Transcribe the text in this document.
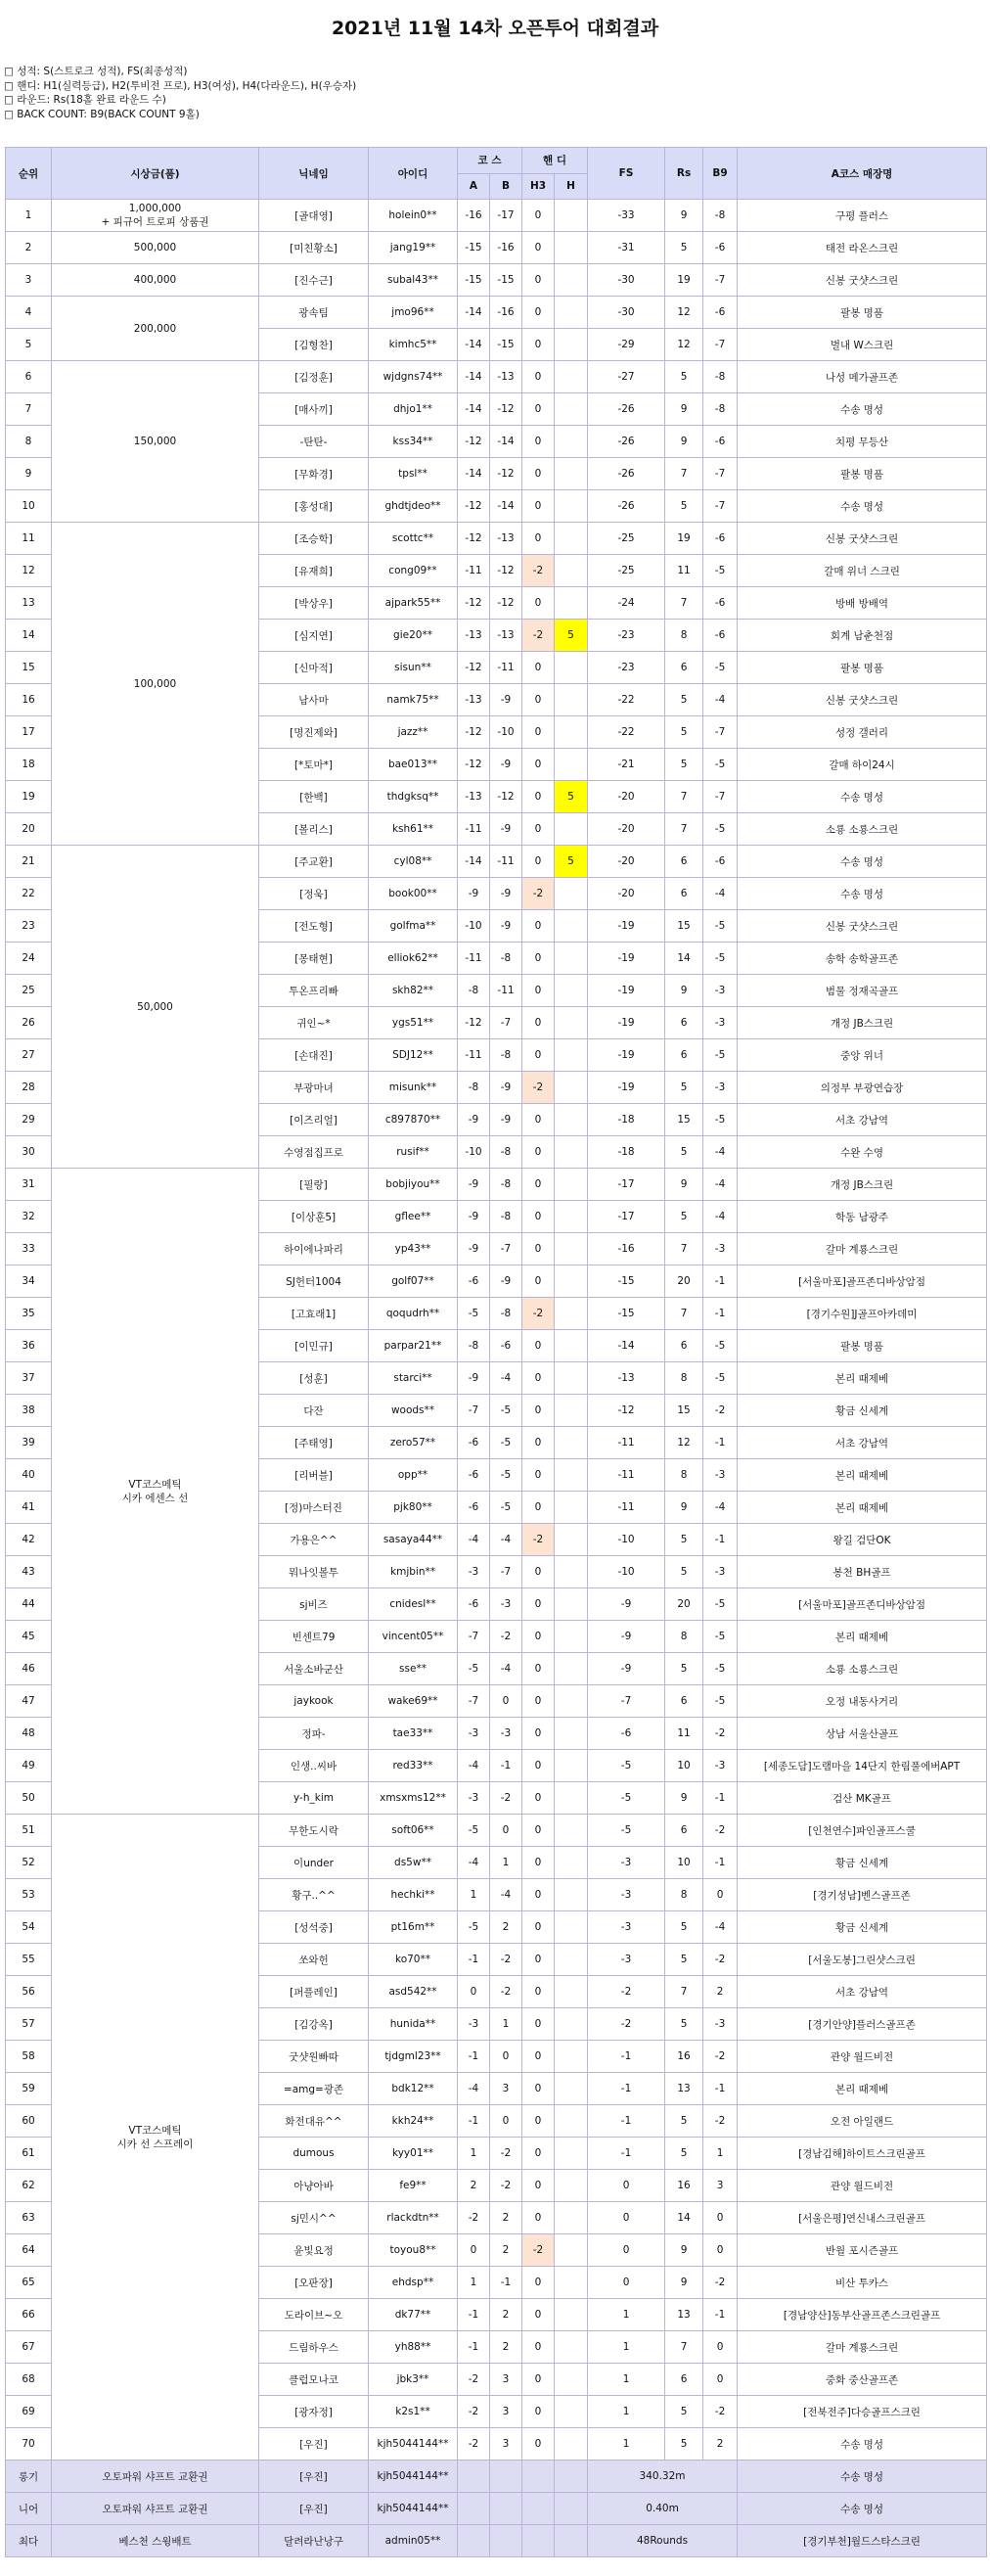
2021년 11월 14차 오픈투어 대회결과
□ 성적: S(스트로크 성적), FS(최종성적)
□ 핸디: H1(실력등급), H2(투비전 프로), H3(여성), H4(다라운드), H(우승자)
□ 라운드: Rs(18홀 완료 라운드 수)
□ BACK COUNT: B9(BACK COUNT 9홀)
순위	시상금(품)	닉네임	아이디	코 스		핸 디		FS	Rs	B9	A코스 매장명
				A	B	H3	H				
1	1,000,000
+ 피규어 트로피 상품권	[골대영]	holein0**	-16	-17	0		-33	9	-8	구평 플러스
2	500,000	[미친황소]	jang19**	-15	-16	0		-31	5	-6	태전 라온스크린
3	400,000	[진수근]	subal43**	-15	-15	0		-30	19	-7	신봉 굿샷스크린
4	200,000	광속팀	jmo96**	-14	-16	0		-30	12	-6	팔봉 명품
5		[김형찬]	kimhc5**	-14	-15	0		-29	12	-7	벌내 W스크린
6	150,000	[김정훈]	wjdgns74**	-14	-13	0		-27	5	-8	나성 메가골프존
7		[매사끼]	dhjo1**	-14	-12	0		-26	9	-8	수송 명성
8		-탄탄-	kss34**	-12	-14	0		-26	9	-6	치평 무등산
9		[무화경]	tpsl**	-14	-12	0		-26	7	-7	팔봉 명품
10		[홍성대]	ghdtjdeo**	-12	-14	0		-26	5	-7	수송 명성
11	100,000	[조승학]	scottc**	-12	-13	0		-25	19	-6	신봉 굿샷스크린
12		[유재희]	cong09**	-11	-12	-2		-25	11	-5	갈매 위너 스크린
13		[박상우]	ajpark55**	-12	-12	0		-24	7	-6	방배 방배역
14		[심지연]	gie20**	-13	-13	-2	5	-23	8	-6	회계 남춘천점
15		[신마적]	sisun**	-12	-11	0		-23	6	-5	팔봉 명품
16		남사마	namk75**	-13	-9	0		-22	5	-4	신봉 굿샷스크린
17		[명진제와]	jazz**	-12	-10	0		-22	5	-7	성정 갤러리
18		[*토마*]	bae013**	-12	-9	0		-21	5	-5	갈매 하이24시
19		[한백]	thdgksq**	-13	-12	0	5	-20	7	-7	수송 명성
20		[볼리스]	ksh61**	-11	-9	0		-20	7	-5	소룡 소룡스크린
21	50,000	[주교환]	cyl08**	-14	-11	0	5	-20	6	-6	수송 명성
22		[정욱]	book00**	-9	-9	-2		-20	6	-4	수송 명성
23		[전도형]	golfma**	-10	-9	0		-19	15	-5	신봉 굿샷스크린
24		[몽태현]	elliok62**	-11	-8	0		-19	14	-5	송학 송학골프존
25		투온프리빠	skh82**	-8	-11	0		-19	9	-3	범물 정재곡골프
26		귀인~*	ygs51**	-12	-7	0		-19	6	-3	개정 JB스크린
27		[손대진]	SDJ12**	-11	-8	0		-19	6	-5	중앙 위너
28		부광마녀	misunk**	-8	-9	-2		-19	5	-3	의정부 부광연습장
29		[이즈리얼]	c897870**	-9	-9	0		-18	15	-5	서초 강남역
30		수영점집프로	rusif**	-10	-8	0		-18	5	-4	수완 수영
31	VT코스메틱
시카 에센스 선	[필랑]	bobjiyou**	-9	-8	0		-17	9	-4	개정 JB스크린
32		[이상훈5]	gflee**	-9	-8	0		-17	5	-4	학동 남광주
33		하이에나파리	yp43**	-9	-7	0		-16	7	-3	갈마 계룡스크린
34		SJ헌터1004	golf07**	-6	-9	0		-15	20	-1	[서울마포]골프존디바상암점
35		[고효래1]	qoqudrh**	-5	-8	-2		-15	7	-1	[경기수원]J골프아카데미
36		[이민규]	parpar21**	-8	-6	0		-14	6	-5	팔봉 명품
37		[성훈]	starci**	-9	-4	0		-13	8	-5	본리 때제베
38		다잔	woods**	-7	-5	0		-12	15	-2	황금 신세계
39		[주태영]	zero57**	-6	-5	0		-11	12	-1	서초 강남역
40		[리버블]	opp**	-6	-5	0		-11	8	-3	본리 때제베
41		[정)마스터진	pjk80**	-6	-5	0		-11	9	-4	본리 때제베
42		가용은^^	sasaya44**	-4	-4	-2		-10	5	-1	왕길 검단OK
43		뭐나잇볼투	kmjbin**	-3	-7	0		-10	5	-3	봉천 BH골프
44		sj비즈	cnidesl**	-6	-3	0		-9	20	-5	[서울마포]골프존디바상암점
45		빈센트79	vincent05**	-7	-2	0		-9	8	-5	본리 때제베
46		서울소바군산	sse**	-5	-4	0		-9	5	-5	소룡 소룡스크린
47		jaykook	wake69**	-7	0	0		-7	6	-5	오정 내동사거리
48		정파-	tae33**	-3	-3	0		-6	11	-2	상남 서울산골프
49		인생..씨바	red33**	-4	-1	0		-5	10	-3	[세종도담]도램마을 14단지 한림풀에버APT
50		y-h_kim	xmsxms12**	-3	-2	0		-5	9	-1	검산 MK골프
51	VT코스메틱
시카 선 스프레이	무한도시락	soft06**	-5	0	0		-5	6	-2	[인천연수]파인골프스쿨
52		이under	ds5w**	-4	1	0		-3	10	-1	황금 신세계
53		황구..^^	hechki**	1	-4	0		-3	8	0	[경기성남]벤스골프존
54		[성석중]	pt16m**	-5	2	0		-3	5	-4	황금 신세계
55		쏘와헌	ko70**	-1	-2	0		-3	5	-2	[서울도봉]그린샷스크린
56		[퍼플레인]	asd542**	0	-2	0		-2	7	2	서초 강남역
57		[김강옥]	hunida**	-3	1	0		-2	5	-3	[경기안양]플러스골프존
58		굿샷원빠따	tjdgml23**	-1	0	0		-1	16	-2	관양 월드비전
59		=amg=광존	bdk12**	-4	3	0		-1	13	-1	본리 때제베
60		화전대유^^	kkh24**	-1	0	0		-1	5	-2	오전 아일랜드
61		dumous	kyy01**	1	-2	0		-1	5	1	[경남김해]하이트스크린골프
62		아냥아바	fe9**	2	-2	0		0	16	3	관양 월드비전
63		sj민시^^	rlackdtn**	-2	2	0		0	14	0	[서울은평]연신내스크린골프
64		윤빛요정	toyou8**	0	2	-2		0	9	0	반월 포시즌골프
65		[오판장]	ehdsp**	1	-1	0		0	9	-2	비산 투카스
66		도라이브~오	dk77**	-1	2	0		1	13	-1	[경남양산]동부산골프존스크린골프
67		드림하우스	yh88**	-1	2	0		1	7	0	갈마 계룡스크린
68		클럽모나코	jbk3**	-2	3	0		1	6	0	중화 중산골프존
69		[광자정]	k2s1**	-2	3	0		1	5	-2	[전북전주]다승골프스크린
70		[우진]	kjh5044144**	-2	3	0		1	5	2	수송 명성
롱기	오토파워 샤프트 교환권	[우진]	kjh5044144**					340.32m			수송 명성
니어	오토파워 샤프트 교환권	[우진]	kjh5044144**					0.40m			수송 명성
최다	베스천 스윙배트	달려라난낭구	admin05**					48Rounds			[경기부천]월드스타스크린
